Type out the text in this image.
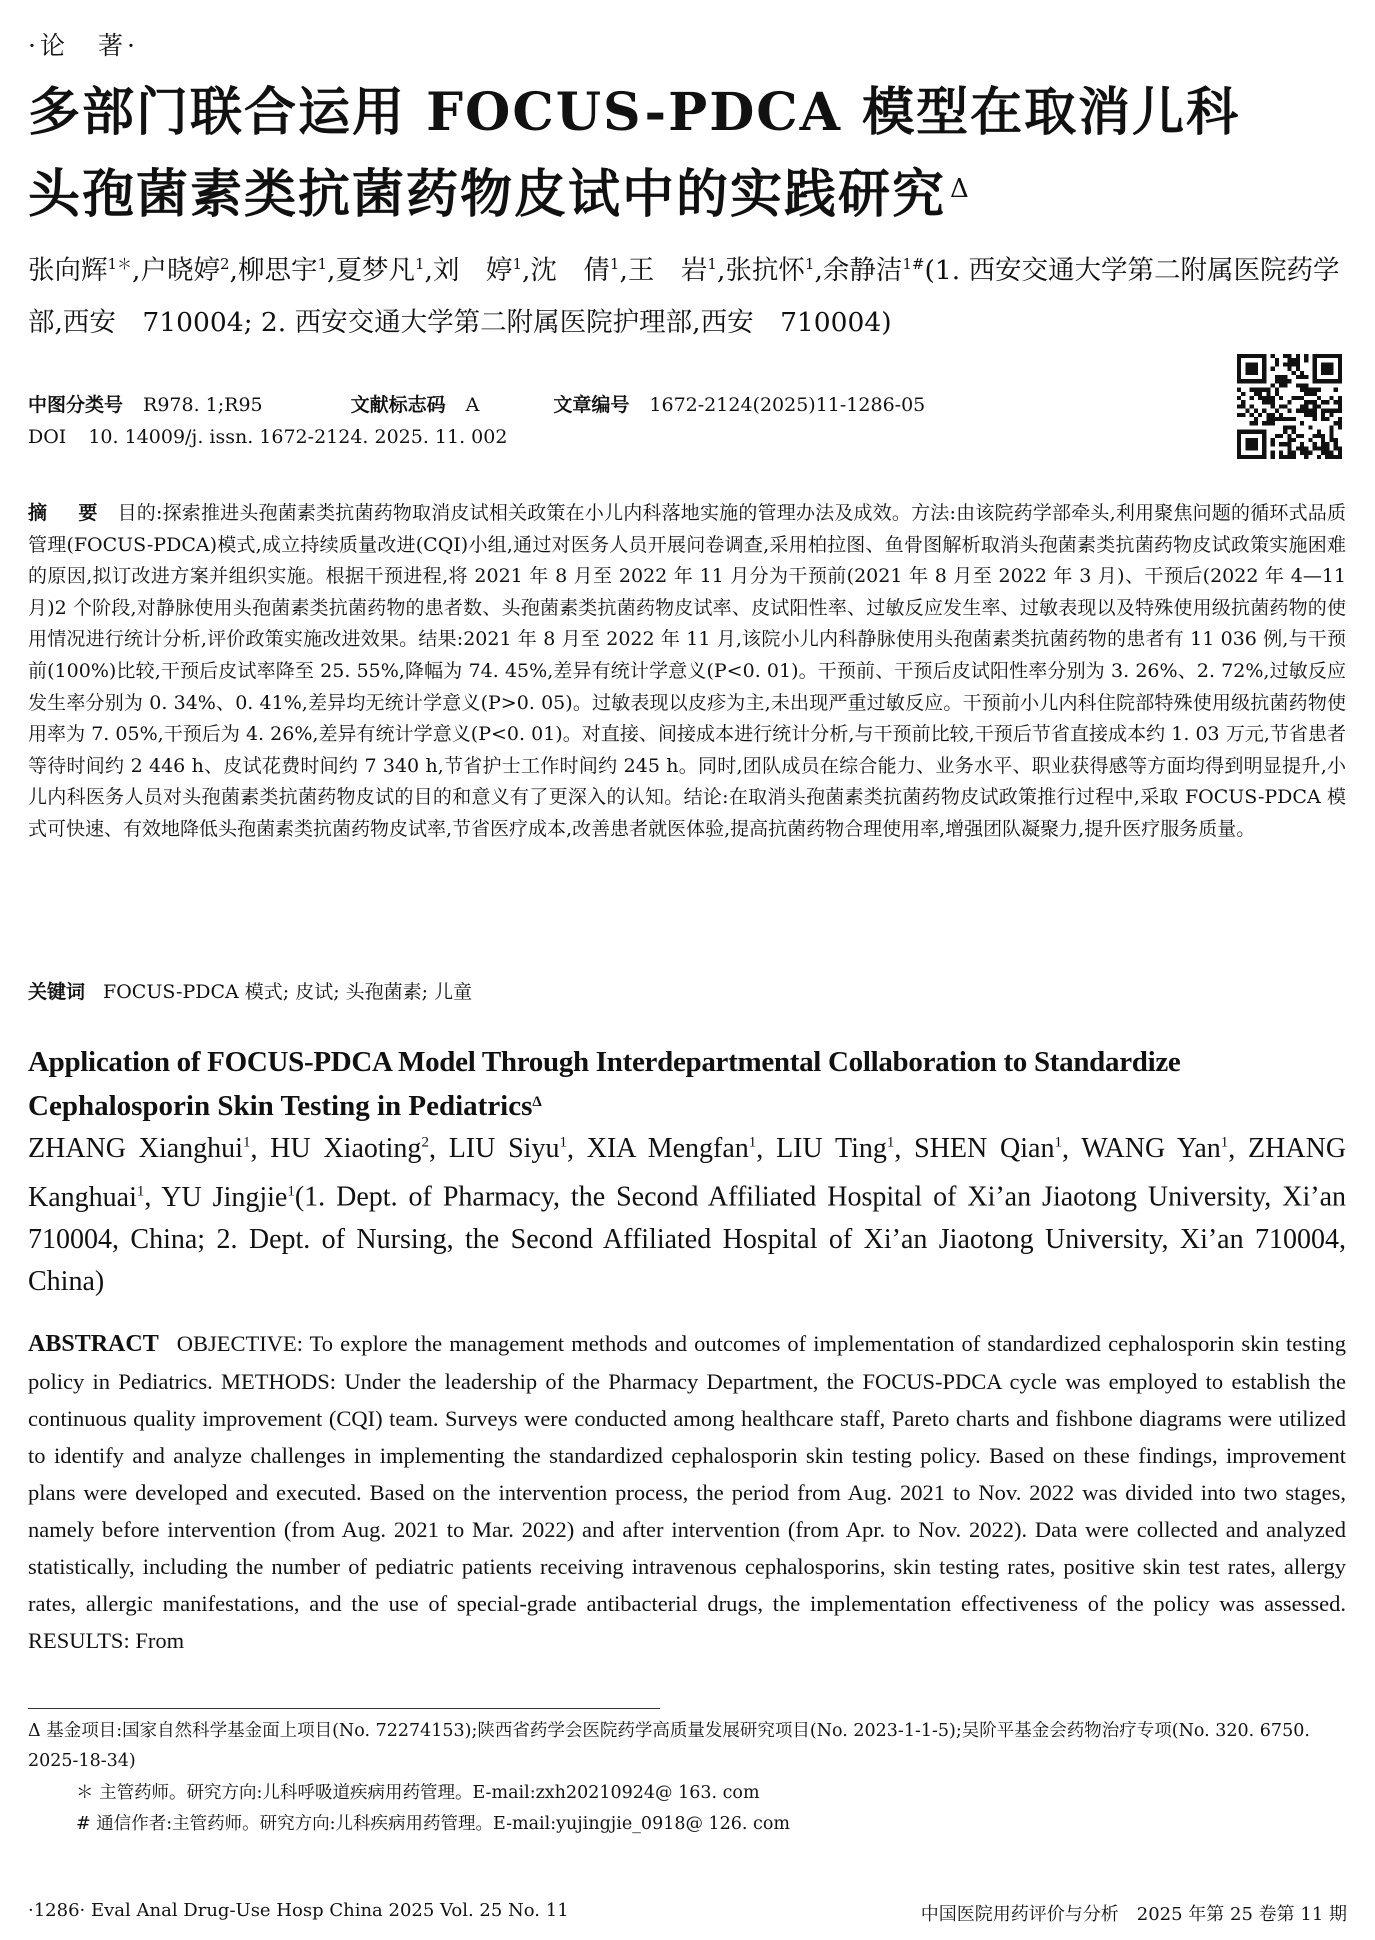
·论　著·
多部门联合运用 FOCUS-PDCA 模型在取消儿科
头孢菌素类抗菌药物皮试中的实践研究 $^\Delta$
张向辉$^{1*}$,户晓婷$^2$,柳思宇$^1$,夏梦凡$^1$,刘　婷$^1$,沈　倩$^1$,王　岩$^1$,张抗怀$^1$,余静洁$^{1\#}$(1. 西安交通大学第二附属医院药学部,西安　710004; 2. 西安交通大学第二附属医院护理部,西安　710004)
中图分类号 R978. 1;R95	文献标志码 A	文章编号 1672-2124(2025)11-1286-05
DOI 10. 14009/j. issn. 1672-2124. 2025. 11. 002
摘　要 目的:探索推进头孢菌素类抗菌药物取消皮试相关政策在小儿内科落地实施的管理办法及成效。方法:由该院药学部牵头,利用聚焦问题的循环式品质管理(FOCUS-PDCA)模式,成立持续质量改进(CQI)小组,通过对医务人员开展问卷调查,采用柏拉图、鱼骨图解析取消头孢菌素类抗菌药物皮试政策实施困难的原因,拟订改进方案并组织实施。根据干预进程,将 2021 年 8 月至 2022 年 11 月分为干预前(2021 年 8 月至 2022 年 3 月)、干预后(2022 年 4—11 月)2 个阶段,对静脉使用头孢菌素类抗菌药物的患者数、头孢菌素类抗菌药物皮试率、皮试阳性率、过敏反应发生率、过敏表现以及特殊使用级抗菌药物的使用情况进行统计分析,评价政策实施改进效果。结果:2021 年 8 月至 2022 年 11 月,该院小儿内科静脉使用头孢菌素类抗菌药物的患者有 11 036 例,与干预前(100%)比较,干预后皮试率降至 25. 55%,降幅为 74. 45%,差异有统计学意义(P<0. 01)。干预前、干预后皮试阳性率分别为 3. 26%、2. 72%,过敏反应发生率分别为 0. 34%、0. 41%,差异均无统计学意义(P>0. 05)。过敏表现以皮疹为主,未出现严重过敏反应。干预前小儿内科住院部特殊使用级抗菌药物使用率为 7. 05%,干预后为 4. 26%,差异有统计学意义(P<0. 01)。对直接、间接成本进行统计分析,与干预前比较,干预后节省直接成本约 1. 03 万元,节省患者等待时间约 2 446 h、皮试花费时间约 7 340 h,节省护士工作时间约 245 h。同时,团队成员在综合能力、业务水平、职业获得感等方面均得到明显提升,小儿内科医务人员对头孢菌素类抗菌药物皮试的目的和意义有了更深入的认知。结论:在取消头孢菌素类抗菌药物皮试政策推行过程中,采取 FOCUS-PDCA 模式可快速、有效地降低头孢菌素类抗菌药物皮试率,节省医疗成本,改善患者就医体验,提高抗菌药物合理使用率,增强团队凝聚力,提升医疗服务质量。
关键词 FOCUS-PDCA 模式; 皮试; 头孢菌素; 儿童
Application of FOCUS-PDCA Model Through Interdepartmental Collaboration to Standardize
Cephalosporin Skin Testing in Pediatrics$^\Delta$
ZHANG Xianghui$^1$, HU Xiaoting$^2$, LIU Siyu$^1$, XIA Mengfan$^1$, LIU Ting$^1$, SHEN Qian$^1$, WANG Yan$^1$, ZHANG Kanghuai$^1$, YU Jingjie$^1$(1. Dept. of Pharmacy, the Second Affiliated Hospital of Xi’an Jiaotong University, Xi’an 710004, China; 2. Dept. of Nursing, the Second Affiliated Hospital of Xi’an Jiaotong University, Xi’an 710004, China)
ABSTRACT OBJECTIVE: To explore the management methods and outcomes of implementation of standardized cephalosporin skin testing policy in Pediatrics. METHODS: Under the leadership of the Pharmacy Department, the FOCUS-PDCA cycle was employed to establish the continuous quality improvement (CQI) team. Surveys were conducted among healthcare staff, Pareto charts and fishbone diagrams were utilized to identify and analyze challenges in implementing the standardized cephalosporin skin testing policy. Based on these findings, improvement plans were developed and executed. Based on the intervention process, the period from Aug. 2021 to Nov. 2022 was divided into two stages, namely before intervention (from Aug. 2021 to Mar. 2022) and after intervention (from Apr. to Nov. 2022). Data were collected and analyzed statistically, including the number of pediatric patients receiving intravenous cephalosporins, skin testing rates, positive skin test rates, allergy rates, allergic manifestations, and the use of special-grade antibacterial drugs, the implementation effectiveness of the policy was assessed. RESULTS: From
Δ 基金项目:国家自然科学基金面上项目(No. 72274153);陕西省药学会医院药学高质量发展研究项目(No. 2023-1-1-5);吴阶平基金会药物治疗专项(No. 320. 6750. 2025-18-34)
＊ 主管药师。研究方向:儿科呼吸道疾病用药管理。E-mail:zxh20210924@ 163. com
# 通信作者:主管药师。研究方向:儿科疾病用药管理。E-mail:yujingjie_0918@ 126. com
·1286· Eval Anal Drug-Use Hosp China 2025 Vol. 25 No. 11	中国医院用药评价与分析　2025 年第 25 卷第 11 期
